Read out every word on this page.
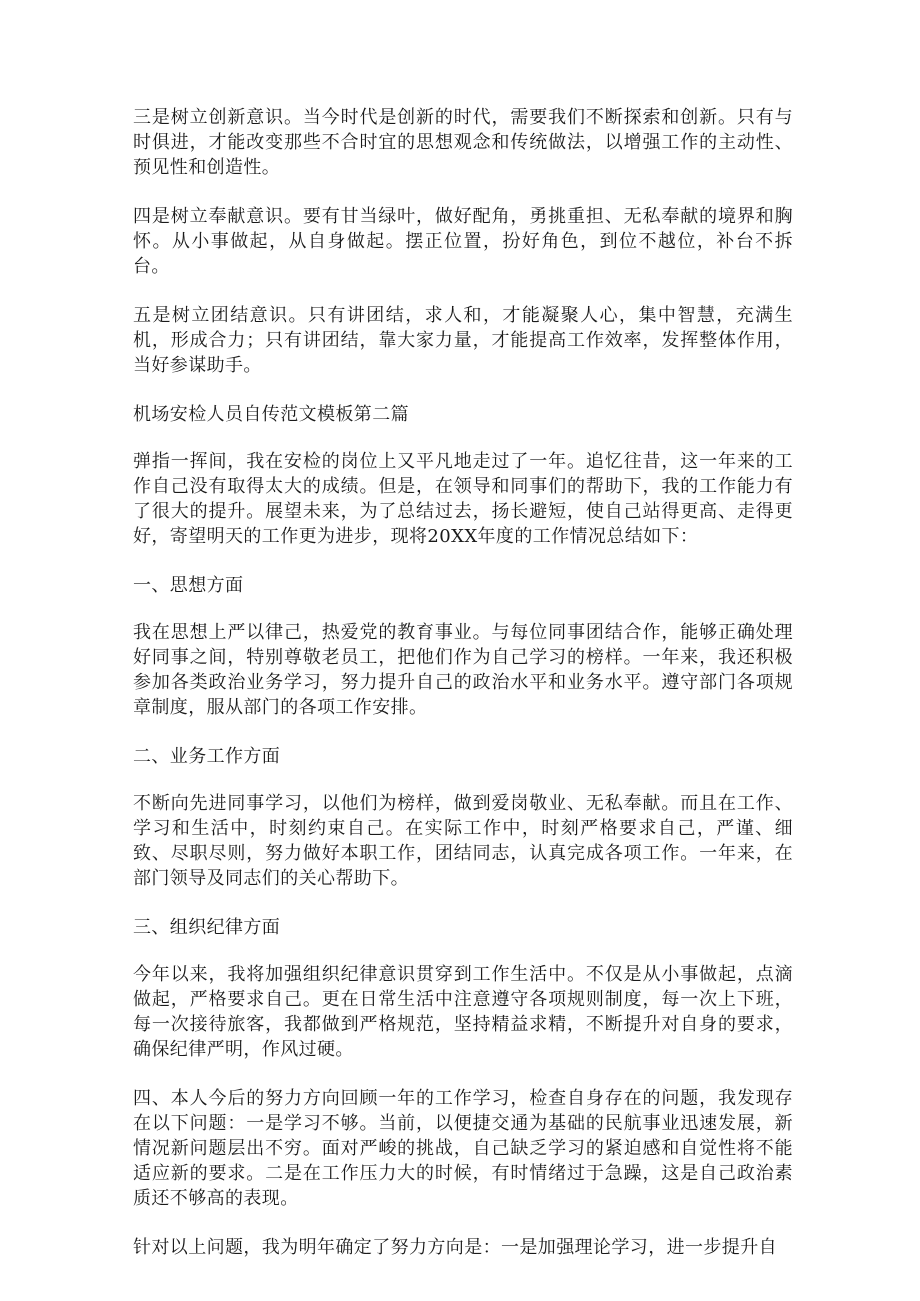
三是树立创新意识。当今时代是创新的时代，需要我们不断探索和创新。只有与时俱进，才能改变那些不合时宜的思想观念和传统做法，以增强工作的主动性、预见性和创造性。

四是树立奉献意识。要有甘当绿叶，做好配角，勇挑重担、无私奉献的境界和胸怀。从小事做起，从自身做起。摆正位置，扮好角色，到位不越位，补台不拆台。

五是树立团结意识。只有讲团结，求人和，才能凝聚人心，集中智慧，充满生机，形成合力；只有讲团结，靠大家力量，才能提高工作效率，发挥整体作用，当好参谋助手。

机场安检人员自传范文模板第二篇

弹指一挥间，我在安检的岗位上又平凡地走过了一年。追忆往昔，这一年来的工作自己没有取得太大的成绩。但是，在领导和同事们的帮助下，我的工作能力有了很大的提升。展望未来，为了总结过去，扬长避短，使自己站得更高、走得更好，寄望明天的工作更为进步，现将20XX年度的工作情况总结如下：

一、思想方面

我在思想上严以律己，热爱党的教育事业。与每位同事团结合作，能够正确处理好同事之间，特别尊敬老员工，把他们作为自己学习的榜样。一年来，我还积极参加各类政治业务学习，努力提升自己的政治水平和业务水平。遵守部门各项规章制度，服从部门的各项工作安排。

二、业务工作方面

不断向先进同事学习，以他们为榜样，做到爱岗敬业、无私奉献。而且在工作、学习和生活中，时刻约束自己。在实际工作中，时刻严格要求自己，严谨、细致、尽职尽则，努力做好本职工作，团结同志，认真完成各项工作。一年来，在部门领导及同志们的关心帮助下。

三、组织纪律方面

今年以来，我将加强组织纪律意识贯穿到工作生活中。不仅是从小事做起，点滴做起，严格要求自己。更在日常生活中注意遵守各项规则制度，每一次上下班，每一次接待旅客，我都做到严格规范，坚持精益求精，不断提升对自身的要求，确保纪律严明，作风过硬。

四、本人今后的努力方向回顾一年的工作学习，检查自身存在的问题，我发现存在以下问题：一是学习不够。当前，以便捷交通为基础的民航事业迅速发展，新情况新问题层出不穷。面对严峻的挑战，自己缺乏学习的紧迫感和自觉性将不能适应新的要求。二是在工作压力大的时候，有时情绪过于急躁，这是自己政治素质还不够高的表现。

针对以上问题，我为明年确定了努力方向是：一是加强理论学习，进一步提升自
